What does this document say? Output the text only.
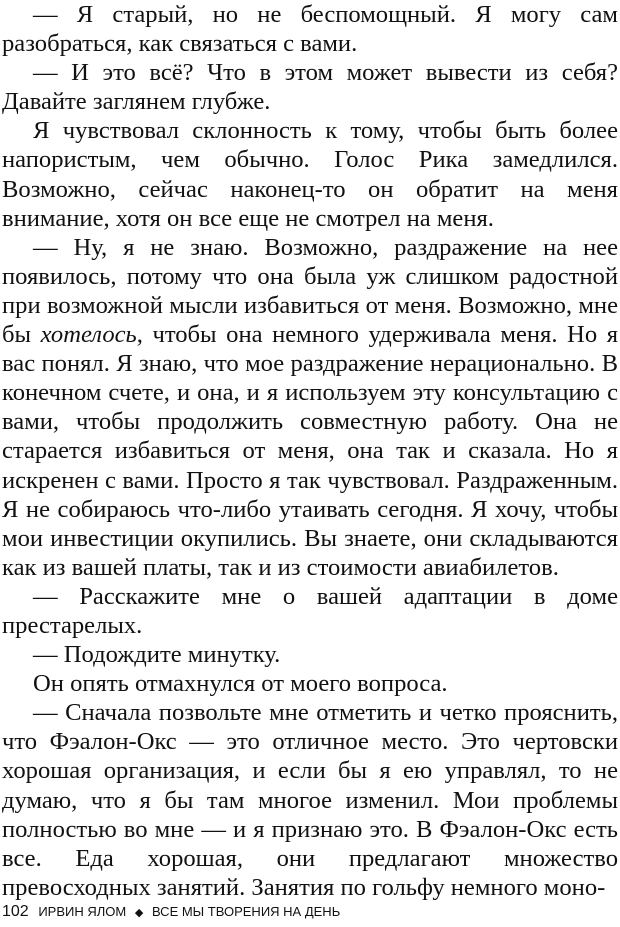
— Я старый, но не беспомощный. Я могу сам разобраться, как связаться с вами.

— И это всё? Что в этом может вывести из себя? Давайте заглянем глубже.

Я чувствовал склонность к тому, чтобы быть более напористым, чем обычно. Голос Рика замедлился. Возможно, сейчас наконец-то он обратит на меня внимание, хотя он все еще не смотрел на меня.

— Ну, я не знаю. Возможно, раздражение на нее появилось, потому что она была уж слишком радостной при возможной мысли избавиться от меня. Возможно, мне бы хотелось, чтобы она немного удерживала меня. Но я вас понял. Я знаю, что мое раздражение нерационально. В конечном счете, и она, и я используем эту консультацию с вами, чтобы продолжить совместную работу. Она не старается избавиться от меня, она так и сказала. Но я искренен с вами. Просто я так чувствовал. Раздраженным. Я не собираюсь что-либо утаивать сегодня. Я хочу, чтобы мои инвестиции окупились. Вы знаете, они складываются как из вашей платы, так и из стоимости авиабилетов.

— Расскажите мне о вашей адаптации в доме престарелых.

— Подождите минутку.

Он опять отмахнулся от моего вопроса.

— Сначала позвольте мне отметить и четко прояснить, что Фэалон-Окс — это отличное место. Это чертовски хорошая организация, и если бы я ею управлял, то не думаю, что я бы там многое изменил. Мои проблемы полностью во мне — и я признаю это. В Фэалон-Окс есть все. Еда хорошая, они предлагают множество превосходных занятий. Занятия по гольфу немного моно-

102 ИРВИН ЯЛОМ ◆ ВСЕ МЫ ТВОРЕНИЯ НА ДЕНЬ
